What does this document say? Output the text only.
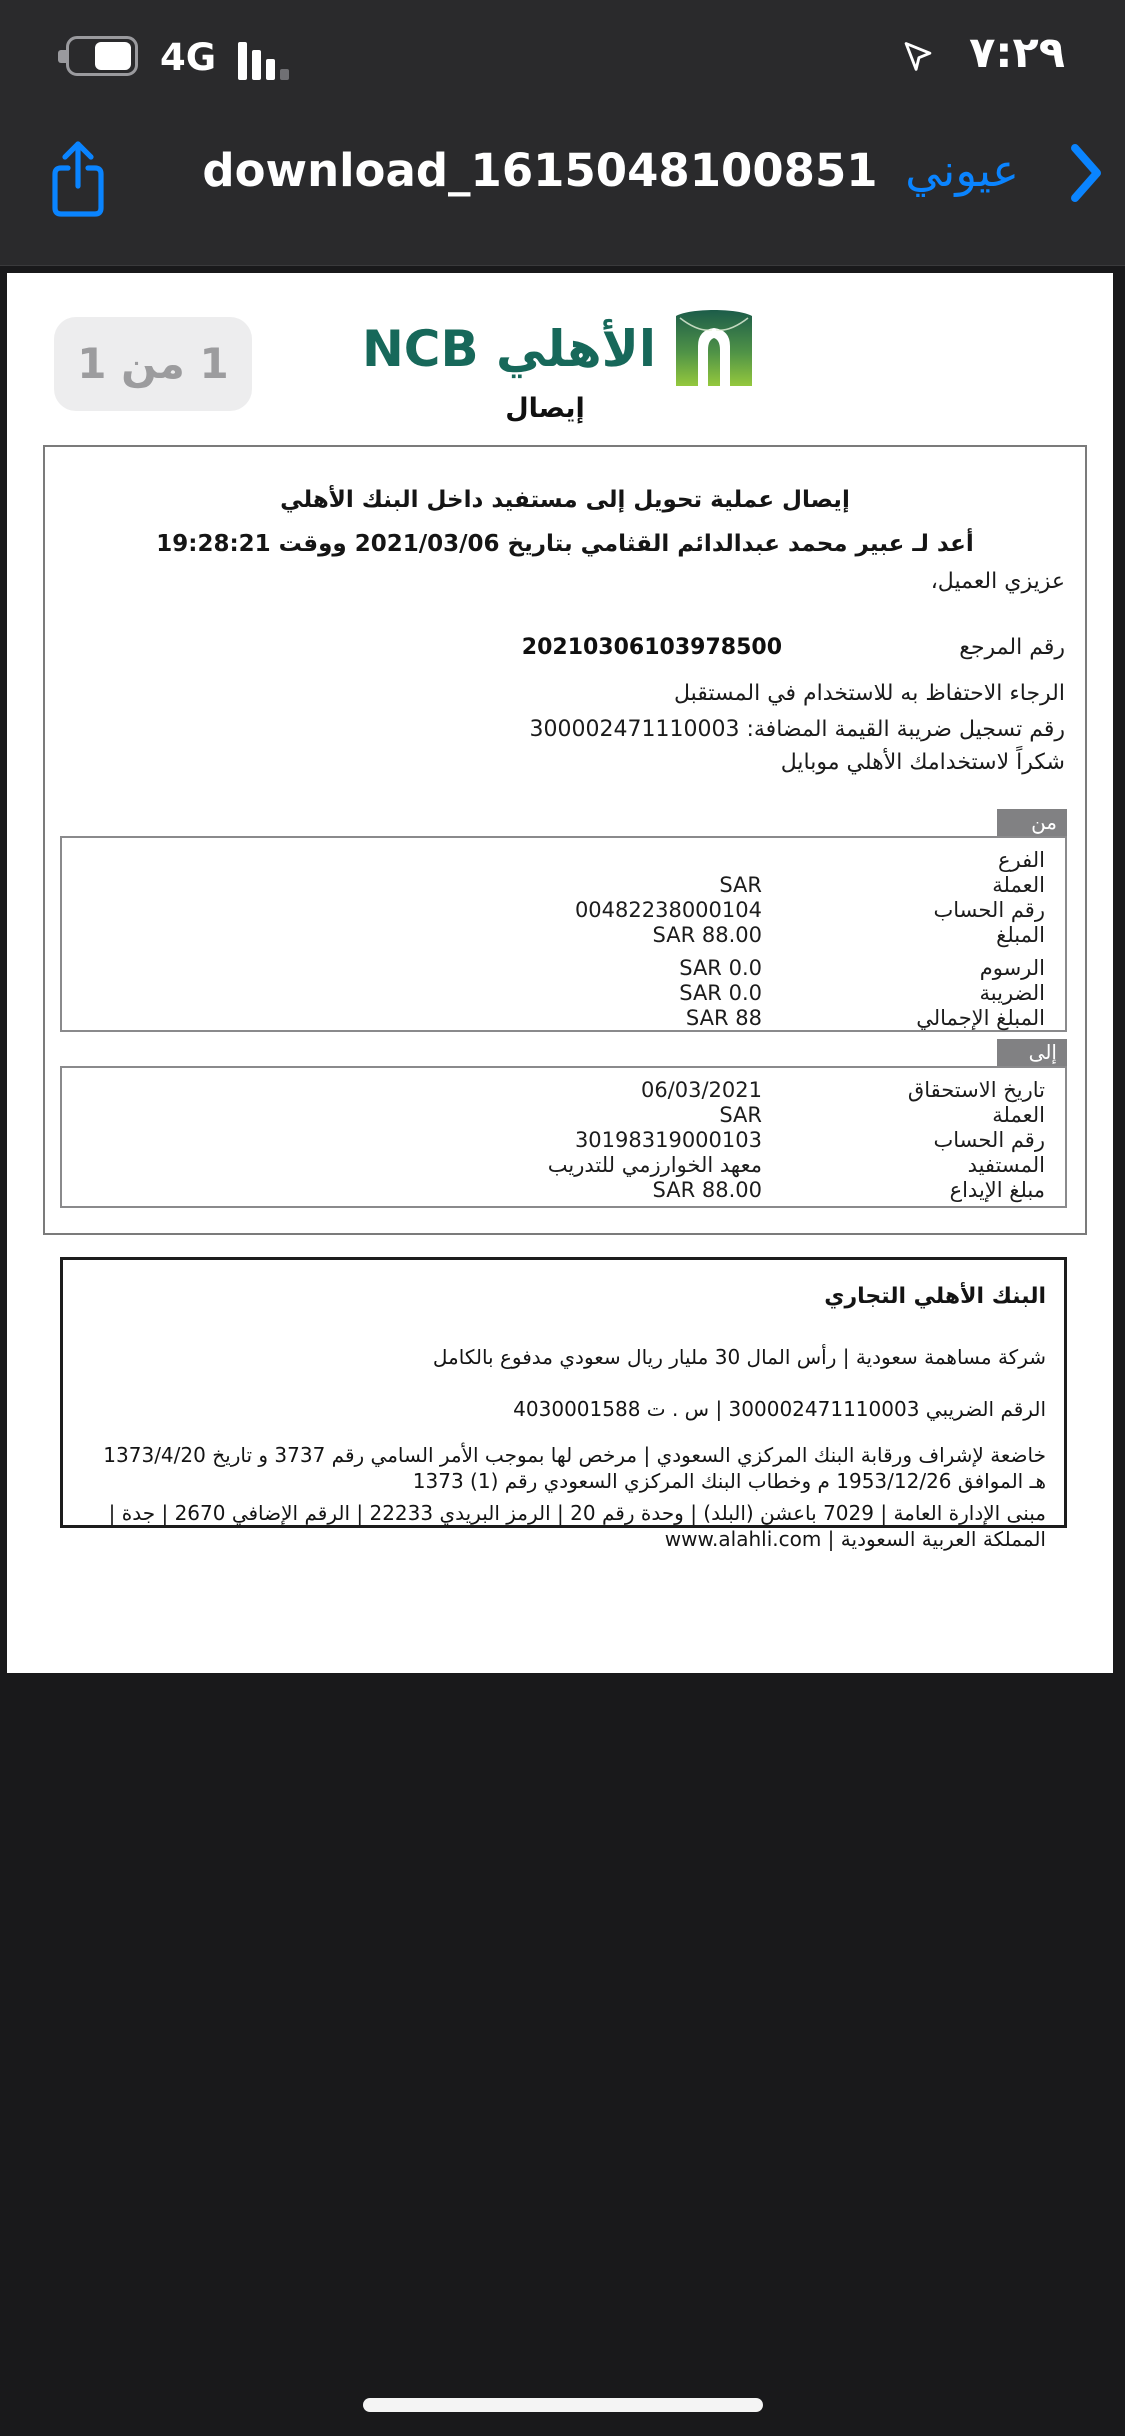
4G	٧:٢٩
download_1615048100851 عيوني
1 من 1	NCB الأهلي
إيصال
إيصال عملية تحويل إلى مستفيد داخل البنك الأهلي
أعد لـ عبير محمد عبدالدائم القثامي بتاريخ 2021/03/06 ووقت 19:28:21
عزيزي العميل،
رقم المرجع
20210306103978500
الرجاء الاحتفاظ به للاستخدام في المستقبل
رقم تسجيل ضريبة القيمة المضافة: 300002471110003
شكراً لاستخدامك الأهلي موبايل
من
الفرع
العملة
SAR
رقم الحساب
00482238000104
المبلغ
88.00 SAR
الرسوم
0.0 SAR
الضريبة
0.0 SAR
المبلغ الإجمالي
88 SAR
إلى
تاريخ الاستحقاق
06/03/2021
العملة
SAR
رقم الحساب
30198319000103
المستفيد
معهد الخوارزمي للتدريب
مبلغ الإيداع
88.00 SAR
البنك الأهلي التجاري
شركة مساهمة سعودية | رأس المال 30 مليار ريال سعودي مدفوع بالكامل
الرقم الضريبي 300002471110003 | س . ت 4030001588
خاضعة لإشراف ورقابة البنك المركزي السعودي | مرخص لها بموجب الأمر السامي رقم 3737 و تاريخ 1373/4/20 هـ الموافق 1953/12/26 م وخطاب البنك المركزي السعودي رقم (1) 1373
مبنى الإدارة العامة | 7029 باعشن (البلد) | وحدة رقم 20 | الرمز البريدي 22233 | الرقم الإضافي 2670 | جدة | المملكة العربية السعودية | www.alahli.com
